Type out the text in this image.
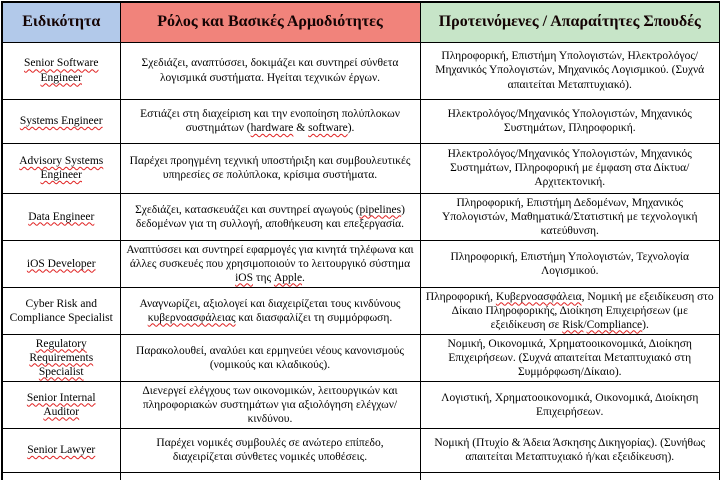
Ειδικότητα	Ρόλος και Βασικές Αρμοδιότητες	Προτεινόμενες / Απαραίτητες Σπουδές
Senior Software Engineer	Σχεδιάζει, αναπτύσσει, δοκιμάζει και συντηρεί σύνθετα λογισμικά συστήματα. Ηγείται τεχνικών έργων.	Πληροφορική, Επιστήμη Υπολογιστών, Ηλεκτρολόγος/Μηχανικός Υπολογιστών, Μηχανικός Λογισμικού. (Συχνά απαιτείται Μεταπτυχιακό).
Systems Engineer	Εστιάζει στη διαχείριση και την ενοποίηση πολύπλοκων συστημάτων (hardware & software).	Ηλεκτρολόγος/Μηχανικός Υπολογιστών, Μηχανικός Συστημάτων, Πληροφορική.
Advisory Systems Engineer	Παρέχει προηγμένη τεχνική υποστήριξη και συμβουλευτικές υπηρεσίες σε πολύπλοκα, κρίσιμα συστήματα.	Ηλεκτρολόγος/Μηχανικός Υπολογιστών, Μηχανικός Συστημάτων, Πληροφορική με έμφαση στα Δίκτυα/Αρχιτεκτονική.
Data Engineer	Σχεδιάζει, κατασκευάζει και συντηρεί αγωγούς (pipelines) δεδομένων για τη συλλογή, αποθήκευση και επεξεργασία.	Πληροφορική, Επιστήμη Δεδομένων, Μηχανικός Υπολογιστών, Μαθηματικά/Στατιστική με τεχνολογική κατεύθυνση.
iOS Developer	Αναπτύσσει και συντηρεί εφαρμογές για κινητά τηλέφωνα και άλλες συσκευές που χρησιμοποιούν το λειτουργικό σύστημα iOS της Apple.	Πληροφορική, Επιστήμη Υπολογιστών, Τεχνολογία Λογισμικού.
Cyber Risk and Compliance Specialist	Αναγνωρίζει, αξιολογεί και διαχειρίζεται τους κινδύνους κυβερνοασφάλειας και διασφαλίζει τη συμμόρφωση.	Πληροφορική, Κυβερνοασφάλεια, Νομική με εξειδίκευση στο Δίκαιο Πληροφορικής, Διοίκηση Επιχειρήσεων (με εξειδίκευση σε Risk/Compliance).
Regulatory Requirements Specialist	Παρακολουθεί, αναλύει και ερμηνεύει νέους κανονισμούς (νομικούς και κλαδικούς).	Νομική, Οικονομικά, Χρηματοοικονομικά, Διοίκηση Επιχειρήσεων. (Συχνά απαιτείται Μεταπτυχιακό στη Συμμόρφωση/Δίκαιο).
Senior Internal Auditor	Διενεργεί ελέγχους των οικονομικών, λειτουργικών και πληροφοριακών συστημάτων για αξιολόγηση ελέγχων/κινδύνου.	Λογιστική, Χρηματοοικονομικά, Οικονομικά, Διοίκηση Επιχειρήσεων.
Senior Lawyer	Παρέχει νομικές συμβουλές σε ανώτερο επίπεδο, διαχειρίζεται σύνθετες νομικές υποθέσεις.	Νομική (Πτυχίο & Άδεια Άσκησης Δικηγορίας). (Συνήθως απαιτείται Μεταπτυχιακό ή/και εξειδίκευση).
